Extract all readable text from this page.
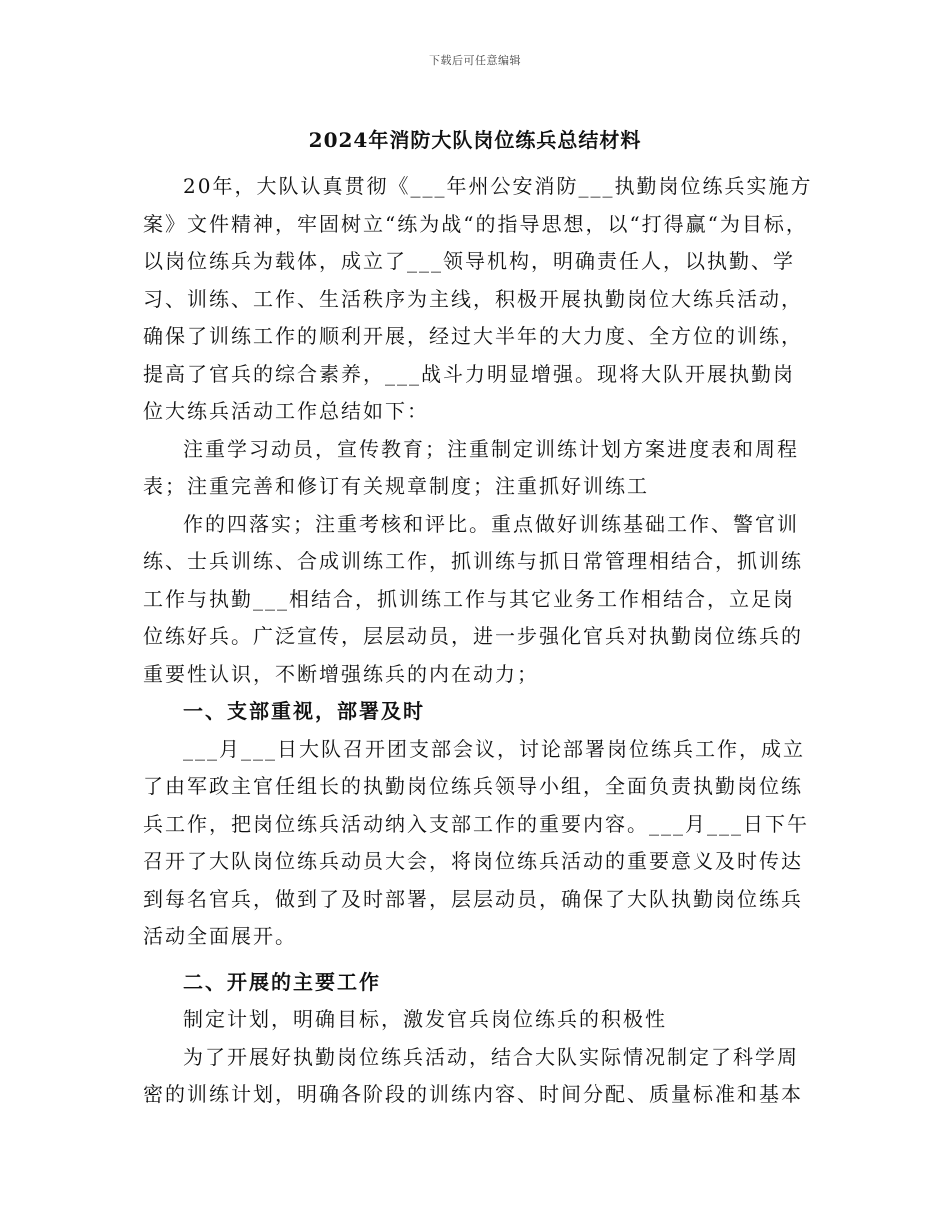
下载后可任意编辑
2024年消防大队岗位练兵总结材料

20年，大队认真贯彻《___年州公安消防___执勤岗位练兵实施方案》文件精神，牢固树立“练为战“的指导思想，以“打得赢“为目标，以岗位练兵为载体，成立了___领导机构，明确责任人，以执勤、学习、训练、工作、生活秩序为主线，积极开展执勤岗位大练兵活动，确保了训练工作的顺利开展，经过大半年的大力度、全方位的训练，提高了官兵的综合素养，___战斗力明显增强。现将大队开展执勤岗位大练兵活动工作总结如下：

注重学习动员，宣传教育；注重制定训练计划方案进度表和周程表；注重完善和修订有关规章制度；注重抓好训练工

作的四落实；注重考核和评比。重点做好训练基础工作、警官训练、士兵训练、合成训练工作，抓训练与抓日常管理相结合，抓训练工作与执勤___相结合，抓训练工作与其它业务工作相结合，立足岗位练好兵。广泛宣传，层层动员，进一步强化官兵对执勤岗位练兵的重要性认识，不断增强练兵的内在动力；

一、支部重视，部署及时

___月___日大队召开团支部会议，讨论部署岗位练兵工作，成立了由军政主官任组长的执勤岗位练兵领导小组，全面负责执勤岗位练兵工作，把岗位练兵活动纳入支部工作的重要内容。___月___日下午召开了大队岗位练兵动员大会，将岗位练兵活动的重要意义及时传达到每名官兵，做到了及时部署，层层动员，确保了大队执勤岗位练兵活动全面展开。

二、开展的主要工作

制定计划，明确目标，激发官兵岗位练兵的积极性

为了开展好执勤岗位练兵活动，结合大队实际情况制定了科学周密的训练计划，明确各阶段的训练内容、时间分配、质量标准和基本
